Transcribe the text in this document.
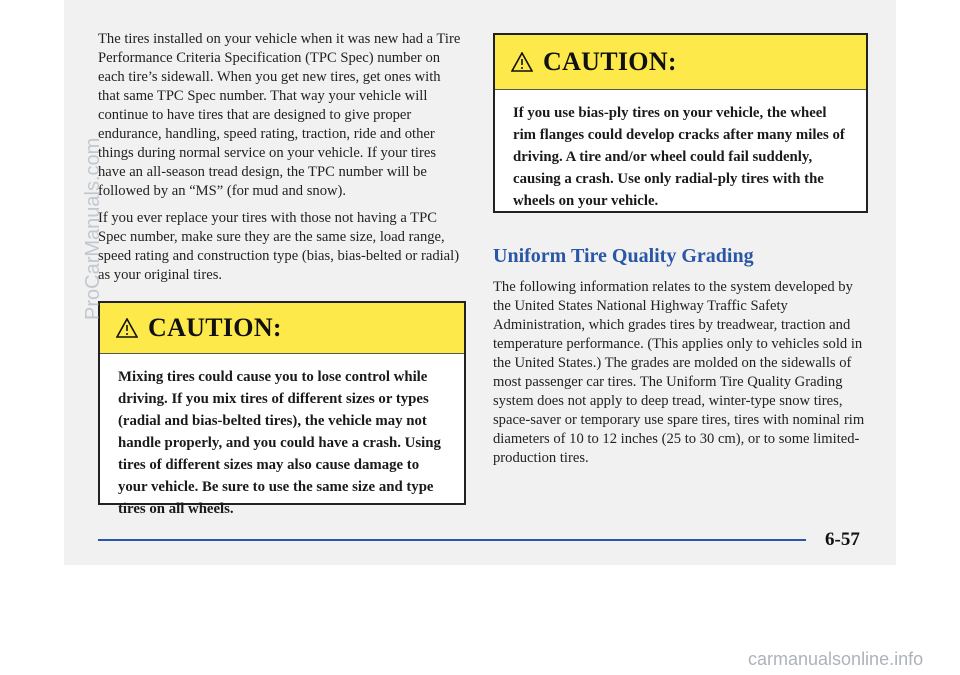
The tires installed on your vehicle when it was new had a Tire Performance Criteria Specification (TPC Spec) number on each tire’s sidewall. When you get new tires, get ones with that same TPC Spec number. That way your vehicle will continue to have tires that are designed to give proper endurance, handling, speed rating, traction, ride and other things during normal service on your vehicle. If your tires have an all-season tread design, the TPC number will be followed by an “MS” (for mud and snow).

If you ever replace your tires with those not having a TPC Spec number, make sure they are the same size, load range, speed rating and construction type (bias, bias-belted or radial) as your original tires.

CAUTION:
Mixing tires could cause you to lose control while driving. If you mix tires of different sizes or types (radial and bias-belted tires), the vehicle may not handle properly, and you could have a crash. Using tires of different sizes may also cause damage to your vehicle. Be sure to use the same size and type tires on all wheels.
CAUTION:
If you use bias-ply tires on your vehicle, the wheel rim flanges could develop cracks after many miles of driving. A tire and/or wheel could fail suddenly, causing a crash. Use only radial-ply tires with the wheels on your vehicle.
Uniform Tire Quality Grading

The following information relates to the system developed by the United States National Highway Traffic Safety Administration, which grades tires by treadwear, traction and temperature performance. (This applies only to vehicles sold in the United States.) The grades are molded on the sidewalls of most passenger car tires. The Uniform Tire Quality Grading system does not apply to deep tread, winter-type snow tires, space-saver or temporary use spare tires, tires with nominal rim diameters of 10 to 12 inches (25 to 30 cm), or to some limited-production tires.

6-57
ProCarManuals.com
carmanualsonline.info
